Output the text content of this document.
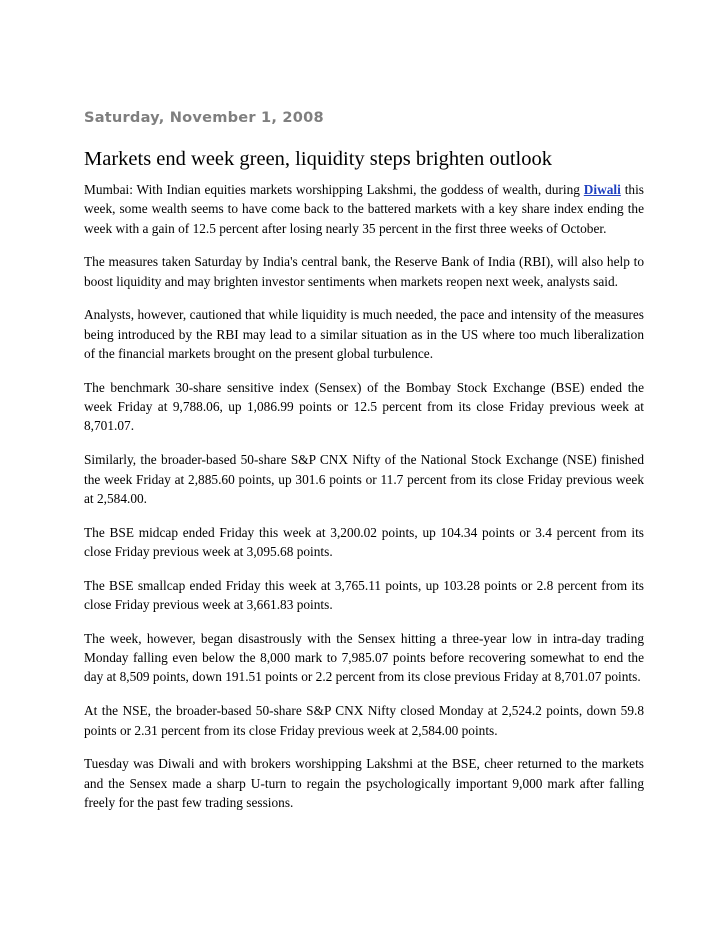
Saturday, November 1, 2008
Markets end week green, liquidity steps brighten outlook

Mumbai: With Indian equities markets worshipping Lakshmi, the goddess of wealth, during Diwali this week, some wealth seems to have come back to the battered markets with a key share index ending the week with a gain of 12.5 percent after losing nearly 35 percent in the first three weeks of October.

The measures taken Saturday by India's central bank, the Reserve Bank of India (RBI), will also help to boost liquidity and may brighten investor sentiments when markets reopen next week, analysts said.

Analysts, however, cautioned that while liquidity is much needed, the pace and intensity of the measures being introduced by the RBI may lead to a similar situation as in the US where too much liberalization of the financial markets brought on the present global turbulence.

The benchmark 30-share sensitive index (Sensex) of the Bombay Stock Exchange (BSE) ended the week Friday at 9,788.06, up 1,086.99 points or 12.5 percent from its close Friday previous week at 8,701.07.

Similarly, the broader-based 50-share S&P CNX Nifty of the National Stock Exchange (NSE) finished the week Friday at 2,885.60 points, up 301.6 points or 11.7 percent from its close Friday previous week at 2,584.00.

The BSE midcap ended Friday this week at 3,200.02 points, up 104.34 points or 3.4 percent from its close Friday previous week at 3,095.68 points.

The BSE smallcap ended Friday this week at 3,765.11 points, up 103.28 points or 2.8 percent from its close Friday previous week at 3,661.83 points.

The week, however, began disastrously with the Sensex hitting a three-year low in intra-day trading Monday falling even below the 8,000 mark to 7,985.07 points before recovering somewhat to end the day at 8,509 points, down 191.51 points or 2.2 percent from its close previous Friday at 8,701.07 points.

At the NSE, the broader-based 50-share S&P CNX Nifty closed Monday at 2,524.2 points, down 59.8 points or 2.31 percent from its close Friday previous week at 2,584.00 points.

Tuesday was Diwali and with brokers worshipping Lakshmi at the BSE, cheer returned to the markets and the Sensex made a sharp U-turn to regain the psychologically important 9,000 mark after falling freely for the past few trading sessions.
